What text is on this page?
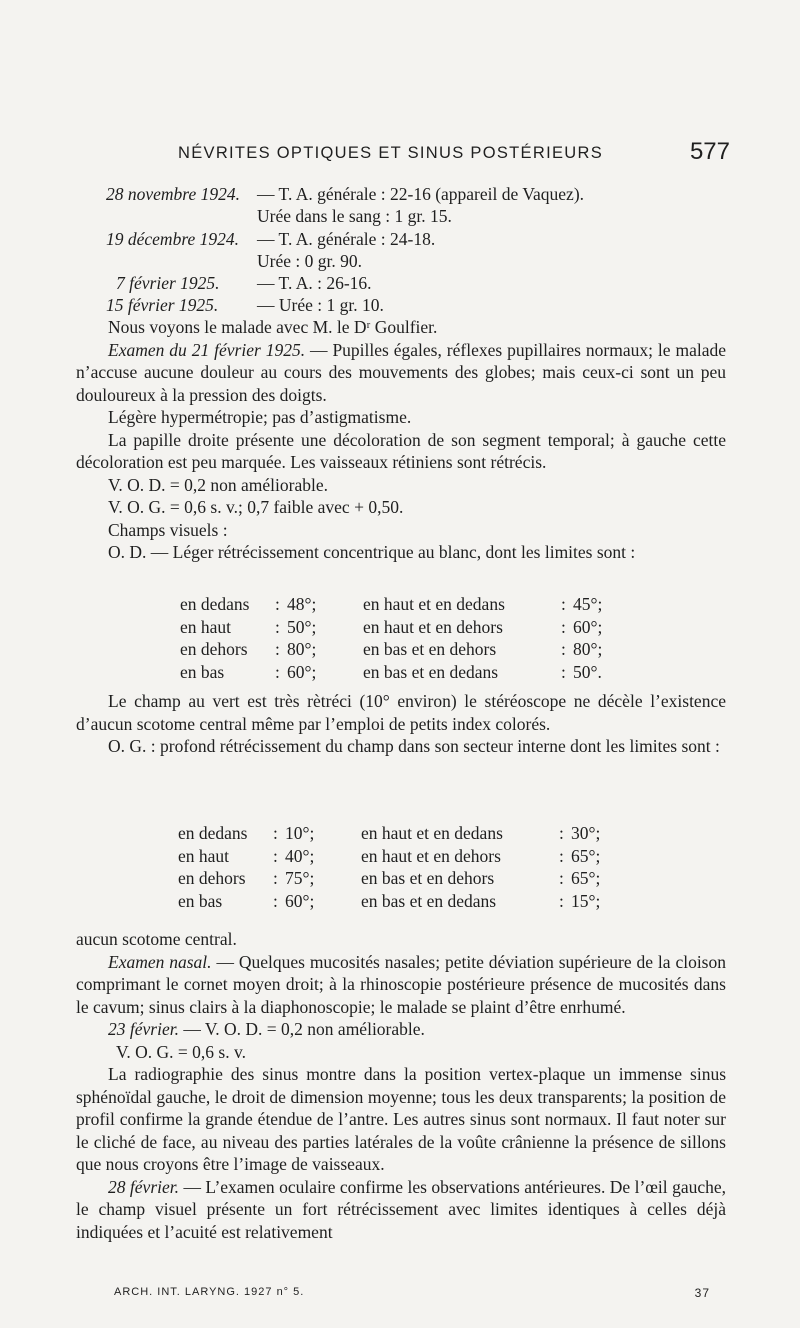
NÉVRITES OPTIQUES ET SINUS POSTÉRIEURS	577
28 novembre 1924. — T. A. générale : 22-16 (appareil de Vaquez).
Urée dans le sang : 1 gr. 15.
19 décembre 1924. — T. A. générale : 24-18.
Urée : 0 gr. 90.
7 février 1925. — T. A. : 26-16.
15 février 1925. — Urée : 1 gr. 10.

Nous voyons le malade avec M. le Dʳ Goulfier.

Examen du 21 février 1925. — Pupilles égales, réflexes pupillaires normaux; le malade n’accuse aucune douleur au cours des mouvements des globes; mais ceux-ci sont un peu douloureux à la pression des doigts.

Légère hypermétropie; pas d’astigmatisme.

La papille droite présente une décoloration de son segment temporal; à gauche cette décoloration est peu marquée. Les vaisseaux rétiniens sont rétrécis.

V. O. D. = 0,2 non améliorable.

V. O. G. = 0,6 s. v.; 0,7 faible avec + 0,50.

Champs visuels :

O. D. — Léger rétrécissement concentrique au blanc, dont les limites sont :

en dedans	:	48°;	en haut et en dedans	:	45°;
en haut	:	50°;	en haut et en dehors	:	60°;
en dehors	:	80°;	en bas et en dehors	:	80°;
en bas	:	60°;	en bas et en dedans	:	50°.

Le champ au vert est très rètréci (10° environ) le stéréoscope ne décèle l’existence d’aucun scotome central même par l’emploi de petits index colorés.

O. G. : profond rétrécissement du champ dans son secteur interne dont les limites sont :

en dedans	:	10°;	en haut et en dedans	:	30°;
en haut	:	40°;	en haut et en dehors	:	65°;
en dehors	:	75°;	en bas et en dehors	:	65°;
en bas	:	60°;	en bas et en dedans	:	15°;

aucun scotome central.

Examen nasal. — Quelques mucosités nasales; petite déviation supérieure de la cloison comprimant le cornet moyen droit; à la rhinoscopie postérieure présence de mucosités dans le cavum; sinus clairs à la diaphonoscopie; le malade se plaint d’être enrhumé.

23 février. — V. O. D. = 0,2 non améliorable.

V. O. G. = 0,6 s. v.

La radiographie des sinus montre dans la position vertex-plaque un immense sinus sphénoïdal gauche, le droit de dimension moyenne; tous les deux transparents; la position de profil confirme la grande étendue de l’antre. Les autres sinus sont normaux. Il faut noter sur le cliché de face, au niveau des parties latérales de la voûte crânienne la présence de sillons que nous croyons être l’image de vaisseaux.

28 février. — L’examen oculaire confirme les observations antérieures. De l’œil gauche, le champ visuel présente un fort rétrécissement avec limites identiques à celles déjà indiquées et l’acuité est relativement

ARCH. INT. LARYNG. 1927 n° 5.	37
